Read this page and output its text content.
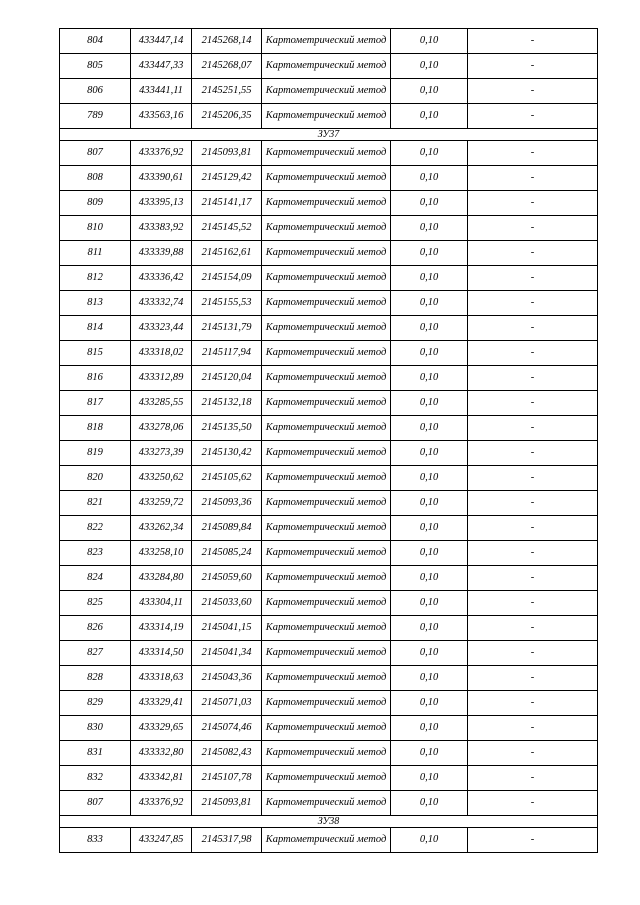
804	433447,14	2145268,14	Картометрический метод	0,10	-
805	433447,33	2145268,07	Картометрический метод	0,10	-
806	433441,11	2145251,55	Картометрический метод	0,10	-
789	433563,16	2145206,35	Картометрический метод	0,10	-
ЗУ37					
807	433376,92	2145093,81	Картометрический метод	0,10	-
808	433390,61	2145129,42	Картометрический метод	0,10	-
809	433395,13	2145141,17	Картометрический метод	0,10	-
810	433383,92	2145145,52	Картометрический метод	0,10	-
811	433339,88	2145162,61	Картометрический метод	0,10	-
812	433336,42	2145154,09	Картометрический метод	0,10	-
813	433332,74	2145155,53	Картометрический метод	0,10	-
814	433323,44	2145131,79	Картометрический метод	0,10	-
815	433318,02	2145117,94	Картометрический метод	0,10	-
816	433312,89	2145120,04	Картометрический метод	0,10	-
817	433285,55	2145132,18	Картометрический метод	0,10	-
818	433278,06	2145135,50	Картометрический метод	0,10	-
819	433273,39	2145130,42	Картометрический метод	0,10	-
820	433250,62	2145105,62	Картометрический метод	0,10	-
821	433259,72	2145093,36	Картометрический метод	0,10	-
822	433262,34	2145089,84	Картометрический метод	0,10	-
823	433258,10	2145085,24	Картометрический метод	0,10	-
824	433284,80	2145059,60	Картометрический метод	0,10	-
825	433304,11	2145033,60	Картометрический метод	0,10	-
826	433314,19	2145041,15	Картометрический метод	0,10	-
827	433314,50	2145041,34	Картометрический метод	0,10	-
828	433318,63	2145043,36	Картометрический метод	0,10	-
829	433329,41	2145071,03	Картометрический метод	0,10	-
830	433329,65	2145074,46	Картометрический метод	0,10	-
831	433332,80	2145082,43	Картометрический метод	0,10	-
832	433342,81	2145107,78	Картометрический метод	0,10	-
807	433376,92	2145093,81	Картометрический метод	0,10	-
ЗУ38					
833	433247,85	2145317,98	Картометрический метод	0,10	-
